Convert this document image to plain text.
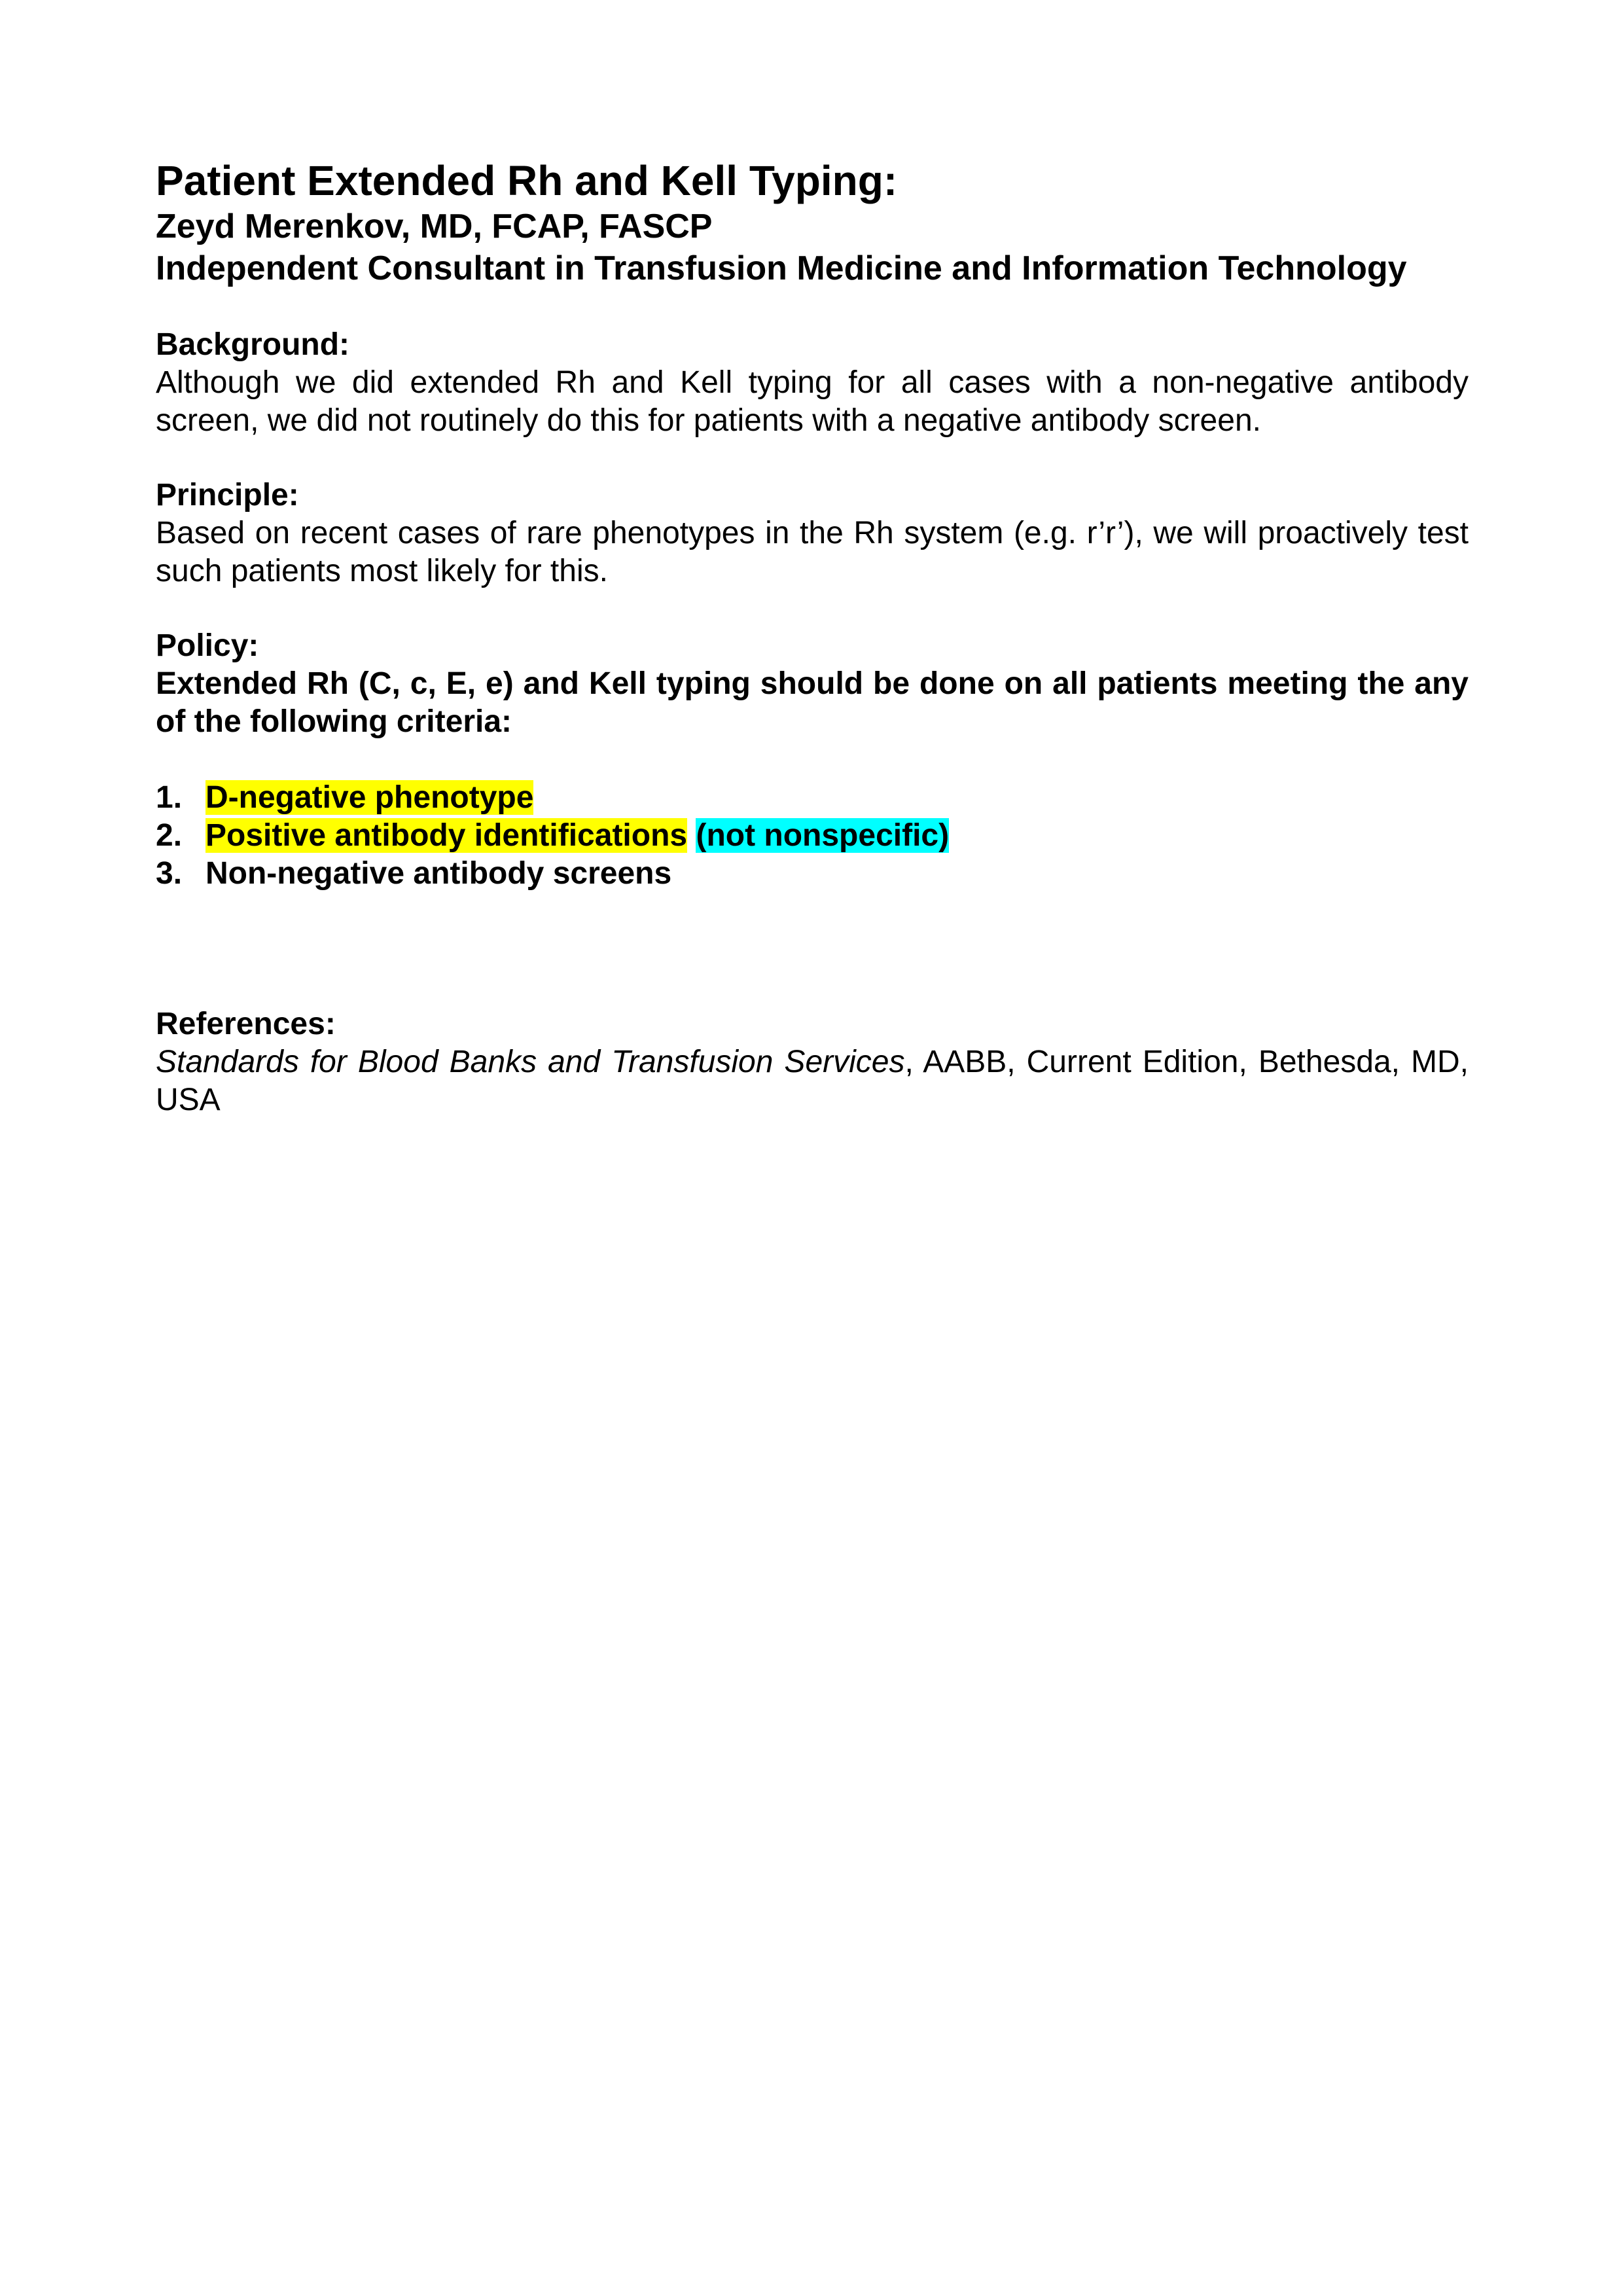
Patient Extended Rh and Kell Typing:

Zeyd Merenkov, MD, FCAP, FASCP

Independent Consultant in Transfusion Medicine and Information Technology

Background:

Although we did extended Rh and Kell typing for all cases with a non-negative antibody screen, we did not routinely do this for patients with a negative antibody screen.

Principle:

Based on recent cases of rare phenotypes in the Rh system (e.g. r’r’), we will proactively test such patients most likely for this.

Policy:

Extended Rh (C, c, E, e) and Kell typing should be done on all patients meeting the any of the following criteria:

1. D-negative phenotype
2. Positive antibody identifications (not nonspecific)
3. Non-negative antibody screens

References:

Standards for Blood Banks and Transfusion Services, AABB, Current Edition, Bethesda, MD, USA
